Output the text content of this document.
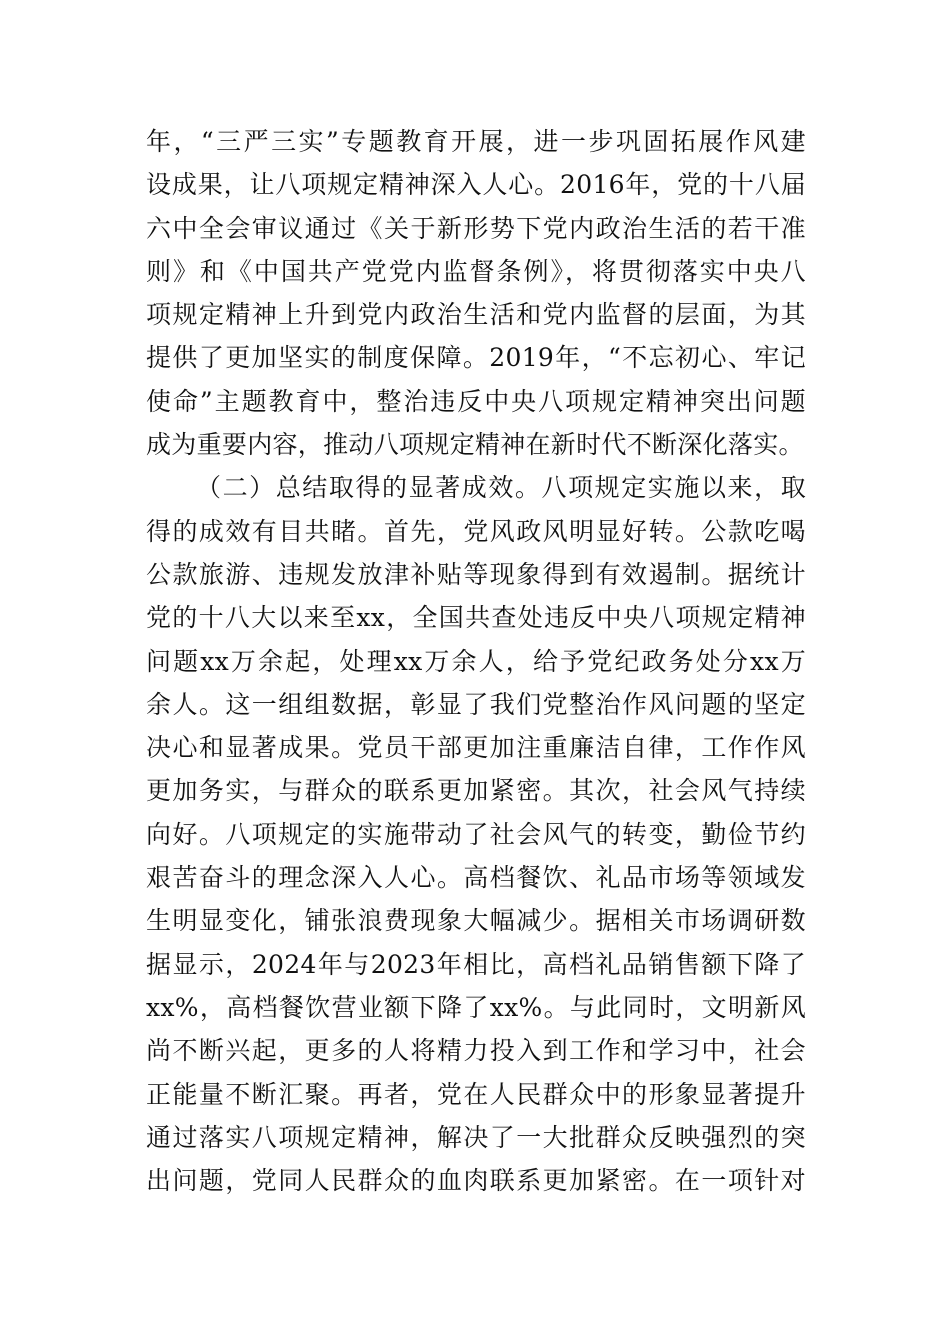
年，“三严三实”专题教育开展，进一步巩固拓展作风建
设成果，让八项规定精神深入人心。2016年，党的十八届
六中全会审议通过《关于新形势下党内政治生活的若干准
则》和《中国共产党党内监督条例》，将贯彻落实中央八
项规定精神上升到党内政治生活和党内监督的层面，为其
提供了更加坚实的制度保障。2019年，“不忘初心、牢记
使命”主题教育中，整治违反中央八项规定精神突出问题
成为重要内容，推动八项规定精神在新时代不断深化落实。
（二）总结取得的显著成效。八项规定实施以来，取
得的成效有目共睹。首先，党风政风明显好转。公款吃喝
公款旅游、违规发放津补贴等现象得到有效遏制。据统计
党的十八大以来至xx，全国共查处违反中央八项规定精神
问题xx万余起，处理xx万余人，给予党纪政务处分xx万
余人。这一组组数据，彰显了我们党整治作风问题的坚定
决心和显著成果。党员干部更加注重廉洁自律，工作作风
更加务实，与群众的联系更加紧密。其次，社会风气持续
向好。八项规定的实施带动了社会风气的转变，勤俭节约
艰苦奋斗的理念深入人心。高档餐饮、礼品市场等领域发
生明显变化，铺张浪费现象大幅减少。据相关市场调研数
据显示，2024年与2023年相比，高档礼品销售额下降了
xx%，高档餐饮营业额下降了xx%。与此同时，文明新风
尚不断兴起，更多的人将精力投入到工作和学习中，社会
正能量不断汇聚。再者，党在人民群众中的形象显著提升
通过落实八项规定精神，解决了一大批群众反映强烈的突
出问题，党同人民群众的血肉联系更加紧密。在一项针对
